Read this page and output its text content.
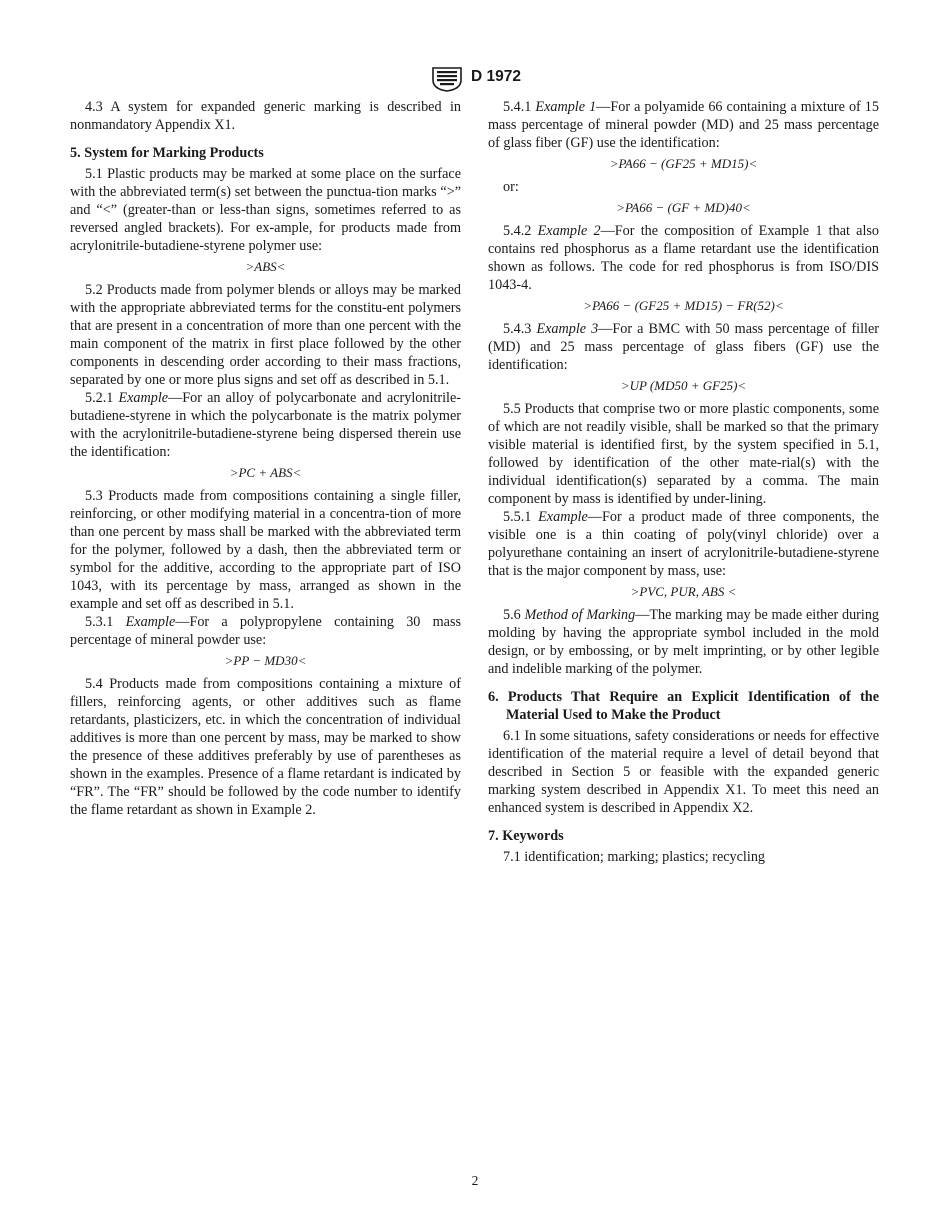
D 1972

4.3 A system for expanded generic marking is described in nonmandatory Appendix X1.

5. System for Marking Products

5.1 Plastic products may be marked at some place on the surface with the abbreviated term(s) set between the punctua-tion marks “>” and “<” (greater-than or less-than signs, sometimes referred to as reversed angled brackets). For ex-ample, for products made from acrylonitrile-butadiene-styrene polymer use:

>ABS<

5.2 Products made from polymer blends or alloys may be marked with the appropriate abbreviated terms for the constitu-ent polymers that are present in a concentration of more than one percent with the main component of the matrix in first place followed by the other components in descending order according to their mass fractions, separated by one or more plus signs and set off as described in 5.1.

5.2.1 Example—For an alloy of polycarbonate and acrylonitrile-butadiene-styrene in which the polycarbonate is the matrix polymer with the acrylonitrile-butadiene-styrene being dispersed therein use the identification:

>PC + ABS<

5.3 Products made from compositions containing a single filler, reinforcing, or other modifying material in a concentra-tion of more than one percent by mass shall be marked with the abbreviated term for the polymer, followed by a dash, then the abbreviated term or symbol for the additive, according to the appropriate part of ISO 1043, with its percentage by mass, arranged as shown in the example and set off as described in 5.1.

5.3.1 Example—For a polypropylene containing 30 mass percentage of mineral powder use:

>PP − MD30<

5.4 Products made from compositions containing a mixture of fillers, reinforcing agents, or other additives such as flame retardants, plasticizers, etc. in which the concentration of individual additives is more than one percent by mass, may be marked to show the presence of these additives preferably by use of parentheses as shown in the examples. Presence of a flame retardant is indicated by “FR”. The “FR” should be followed by the code number to identify the flame retardant as shown in Example 2.

5.4.1 Example 1—For a polyamide 66 containing a mixture of 15 mass percentage of mineral powder (MD) and 25 mass percentage of glass fiber (GF) use the identification:

>PA66 − (GF25 + MD15)<

or:

>PA66 − (GF + MD)40<

5.4.2 Example 2—For the composition of Example 1 that also contains red phosphorus as a flame retardant use the identification shown as follows. The code for red phosphorus is from ISO/DIS 1043-4.

>PA66 − (GF25 + MD15) − FR(52)<

5.4.3 Example 3—For a BMC with 50 mass percentage of filler (MD) and 25 mass percentage of glass fibers (GF) use the identification:

>UP (MD50 + GF25)<

5.5 Products that comprise two or more plastic components, some of which are not readily visible, shall be marked so that the primary visible material is identified first, by the system specified in 5.1, followed by identification of the other mate-rial(s) with the individual identification(s) separated by a comma. The main component by mass is identified by under-lining.

5.5.1 Example—For a product made of three components, the visible one is a thin coating of poly(vinyl chloride) over a polyurethane containing an insert of acrylonitrile-butadiene-styrene that is the major component by mass, use:

>PVC, PUR, ABS <

5.6 Method of Marking—The marking may be made either during molding by having the appropriate symbol included in the mold design, or by embossing, or by melt imprinting, or by other legible and indelible marking of the polymer.

6. Products That Require an Explicit Identification of the Material Used to Make the Product

6.1 In some situations, safety considerations or needs for effective identification of the material require a level of detail beyond that described in Section 5 or feasible with the expanded generic marking system described in Appendix X1. To meet this need an enhanced system is described in Appendix X2.

7. Keywords

7.1 identification; marking; plastics; recycling

2
